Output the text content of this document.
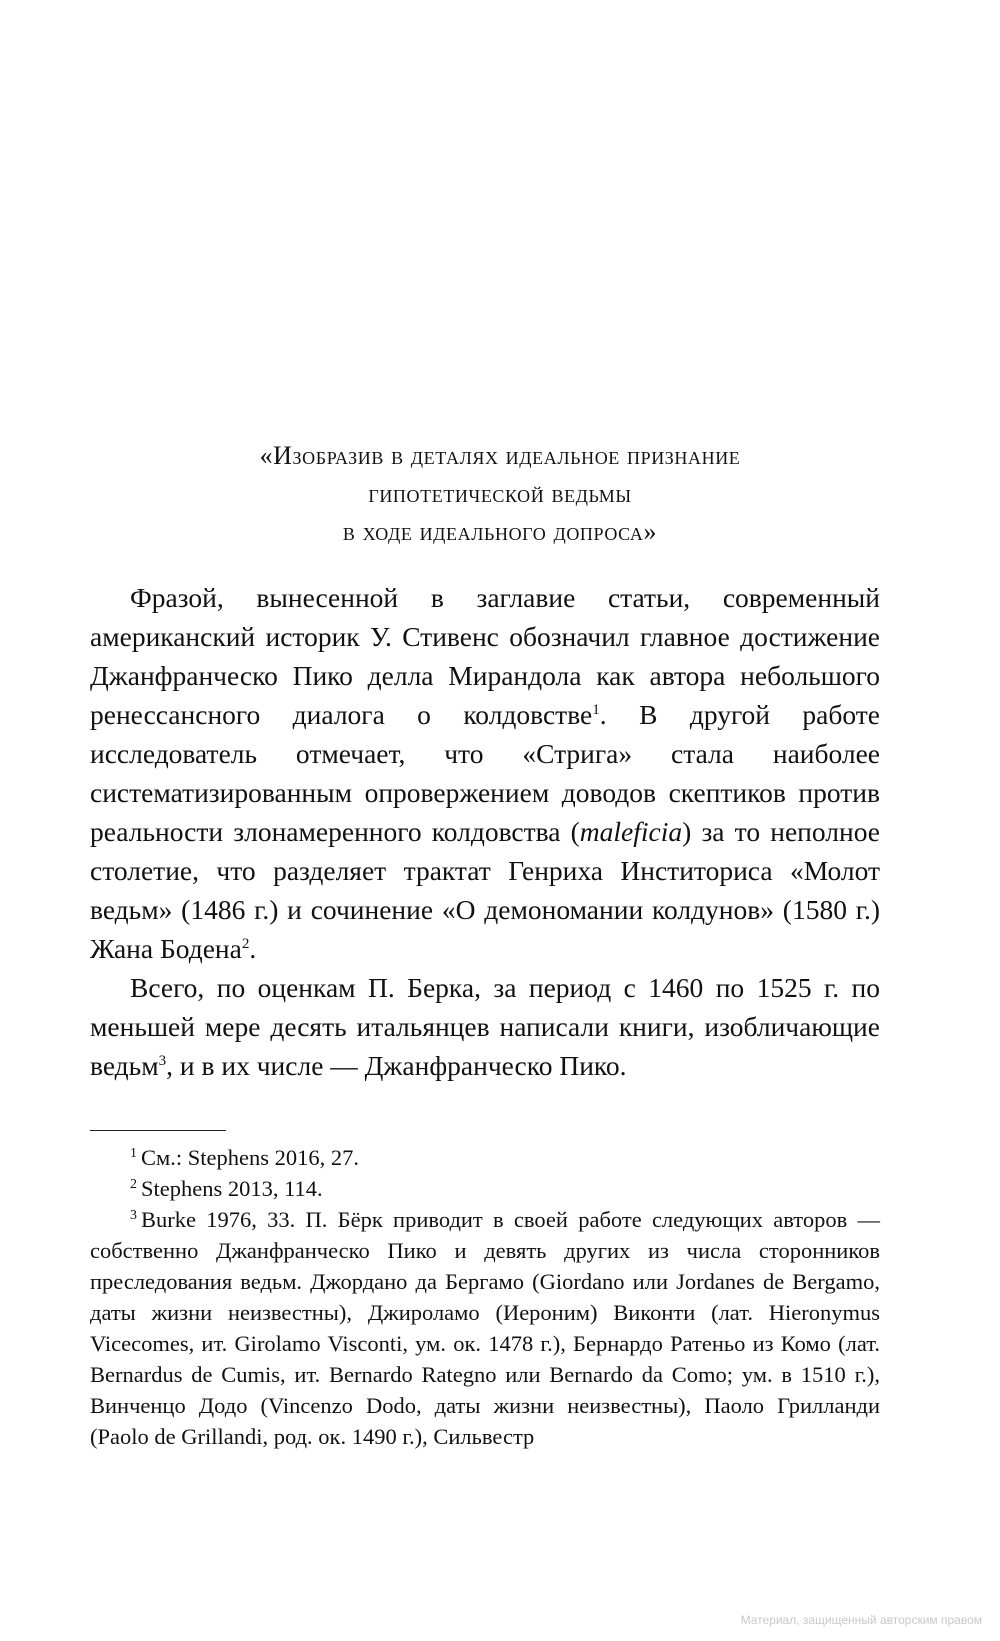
«Изобразив в деталях идеальное признание
гипотетической ведьмы
в ходе идеального допроса»

Фразой, вынесенной в заглавие статьи, современный американский историк У. Стивенс обозначил главное достижение Джанфранческо Пико делла Мирандола как автора небольшого ренессансного диалога о колдовстве$^1$. В другой работе исследователь отмечает, что «Стрига» стала наиболее систематизированным опровержением доводов скептиков против реальности злонамеренного колдовства (maleficia) за то неполное столетие, что разделяет трактат Генриха Инститориса «Молот ведьм» (1486 г.) и сочинение «О демономании колдунов» (1580 г.) Жана Бодена$^2$.

Всего, по оценкам П. Берка, за период с 1460 по 1525 г. по меньшей мере десять итальянцев написали книги, изобличающие ведьм$^3$, и в их числе — Джанфранческо Пико.

$^1$ См.: Stephens 2016, 27.

$^2$ Stephens 2013, 114.

$^3$ Burke 1976, 33. П. Бёрк приводит в своей работе следующих авторов — собственно Джанфранческо Пико и девять других из числа сторонников преследования ведьм. Джордано да Бергамо (Giordano или Jordanes de Bergamo, даты жизни неизвестны), Джироламо (Иероним) Виконти (лат. Hieronymus Vicecomes, ит. Girolamo Visconti, ум. ок. 1478 г.), Бернардо Ратеньо из Комо (лат. Bernardus de Cumis, ит. Bernardo Rategno или Bernardo da Como; ум. в 1510 г.), Винченцо Додо (Vincenzo Dodo, даты жизни неизвестны), Паоло Грилланди (Paolo de Grillandi, род. ок. 1490 г.), Сильвестр

Материал, защищенный авторским правом
